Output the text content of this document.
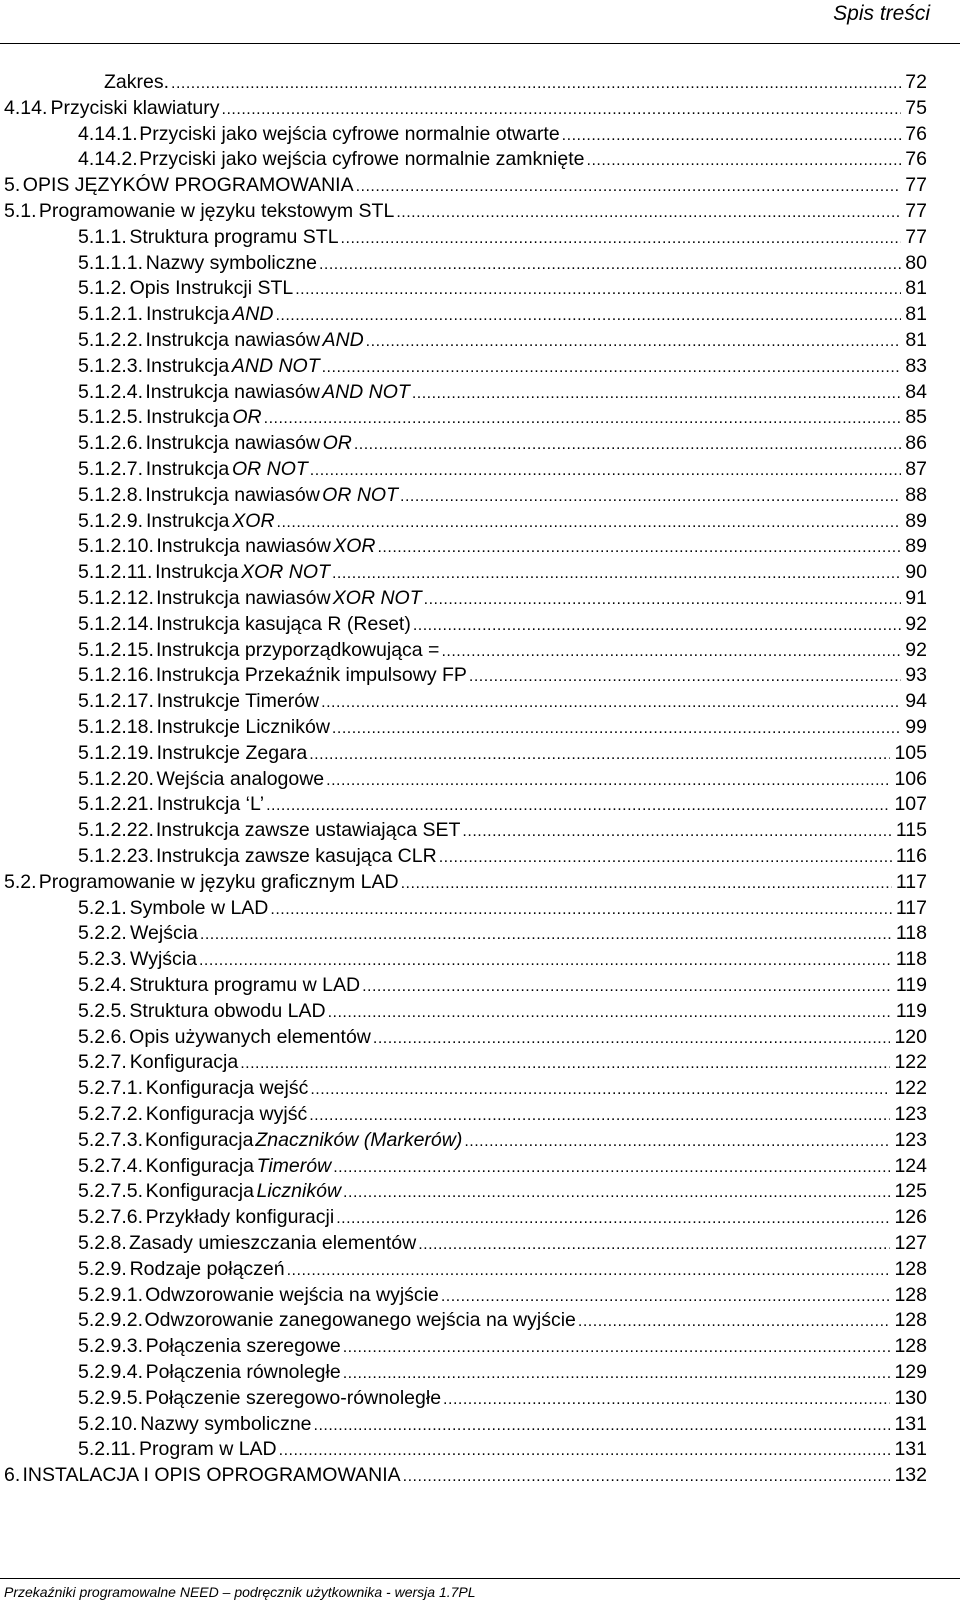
Spis treści
Zakres. .....	72
4.14. Przyciski klawiatury .....	75
4.14.1. Przyciski jako wejścia cyfrowe normalnie otwarte .....	76
4.14.2. Przyciski jako wejścia cyfrowe normalnie zamknięte .....	76
5. OPIS JĘZYKÓW PROGRAMOWANIA .....	77
5.1. Programowanie w języku tekstowym STL .....	77
5.1.1. Struktura programu STL .....	77
5.1.1.1. Nazwy symboliczne .....	80
5.1.2. Opis Instrukcji STL .....	81
5.1.2.1. Instrukcja AND .....	81
5.1.2.2. Instrukcja nawiasów AND .....	81
5.1.2.3. Instrukcja AND NOT .....	83
5.1.2.4. Instrukcja nawiasów AND NOT .....	84
5.1.2.5. Instrukcja OR .....	85
5.1.2.6. Instrukcja nawiasów OR .....	86
5.1.2.7. Instrukcja OR NOT .....	87
5.1.2.8. Instrukcja nawiasów OR NOT .....	88
5.1.2.9. Instrukcja XOR .....	89
5.1.2.10. Instrukcja nawiasów XOR .....	89
5.1.2.11. Instrukcja XOR NOT .....	90
5.1.2.12. Instrukcja nawiasów XOR NOT .....	91
5.1.2.14. Instrukcja kasująca R (Reset) .....	92
5.1.2.15. Instrukcja przyporządkowująca = .....	92
5.1.2.16. Instrukcja Przekaźnik impulsowy FP .....	93
5.1.2.17. Instrukcje Timerów .....	94
5.1.2.18. Instrukcje Liczników .....	99
5.1.2.19. Instrukcje Zegara .....	105
5.1.2.20. Wejścia analogowe .....	106
5.1.2.21. Instrukcja ‘L’ .....	107
5.1.2.22. Instrukcja zawsze ustawiająca SET .....	115
5.1.2.23. Instrukcja zawsze kasująca CLR .....	116
5.2. Programowanie w języku graficznym LAD .....	117
5.2.1. Symbole w LAD .....	117
5.2.2. Wejścia .....	118
5.2.3. Wyjścia .....	118
5.2.4. Struktura programu w LAD .....	119
5.2.5. Struktura obwodu LAD .....	119
5.2.6. Opis używanych elementów .....	120
5.2.7. Konfiguracja .....	122
5.2.7.1. Konfiguracja wejść .....	122
5.2.7.2. Konfiguracja wyjść .....	123
5.2.7.3. Konfiguracja Znaczników (Markerów) .....	123
5.2.7.4. Konfiguracja Timerów .....	124
5.2.7.5. Konfiguracja Liczników .....	125
5.2.7.6. Przykłady konfiguracji .....	126
5.2.8. Zasady umieszczania elementów .....	127
5.2.9. Rodzaje połączeń .....	128
5.2.9.1. Odwzorowanie wejścia na wyjście .....	128
5.2.9.2. Odwzorowanie zanegowanego wejścia na wyjście .....	128
5.2.9.3. Połączenia szeregowe .....	128
5.2.9.4. Połączenia równoległe .....	129
5.2.9.5. Połączenie szeregowo-równoległe .....	130
5.2.10. Nazwy symboliczne .....	131
5.2.11. Program w LAD .....	131
6. INSTALACJA I OPIS OPROGRAMOWANIA .....	132
Przekaźniki programowalne NEED – podręcznik użytkownika - wersja 1.7PL
